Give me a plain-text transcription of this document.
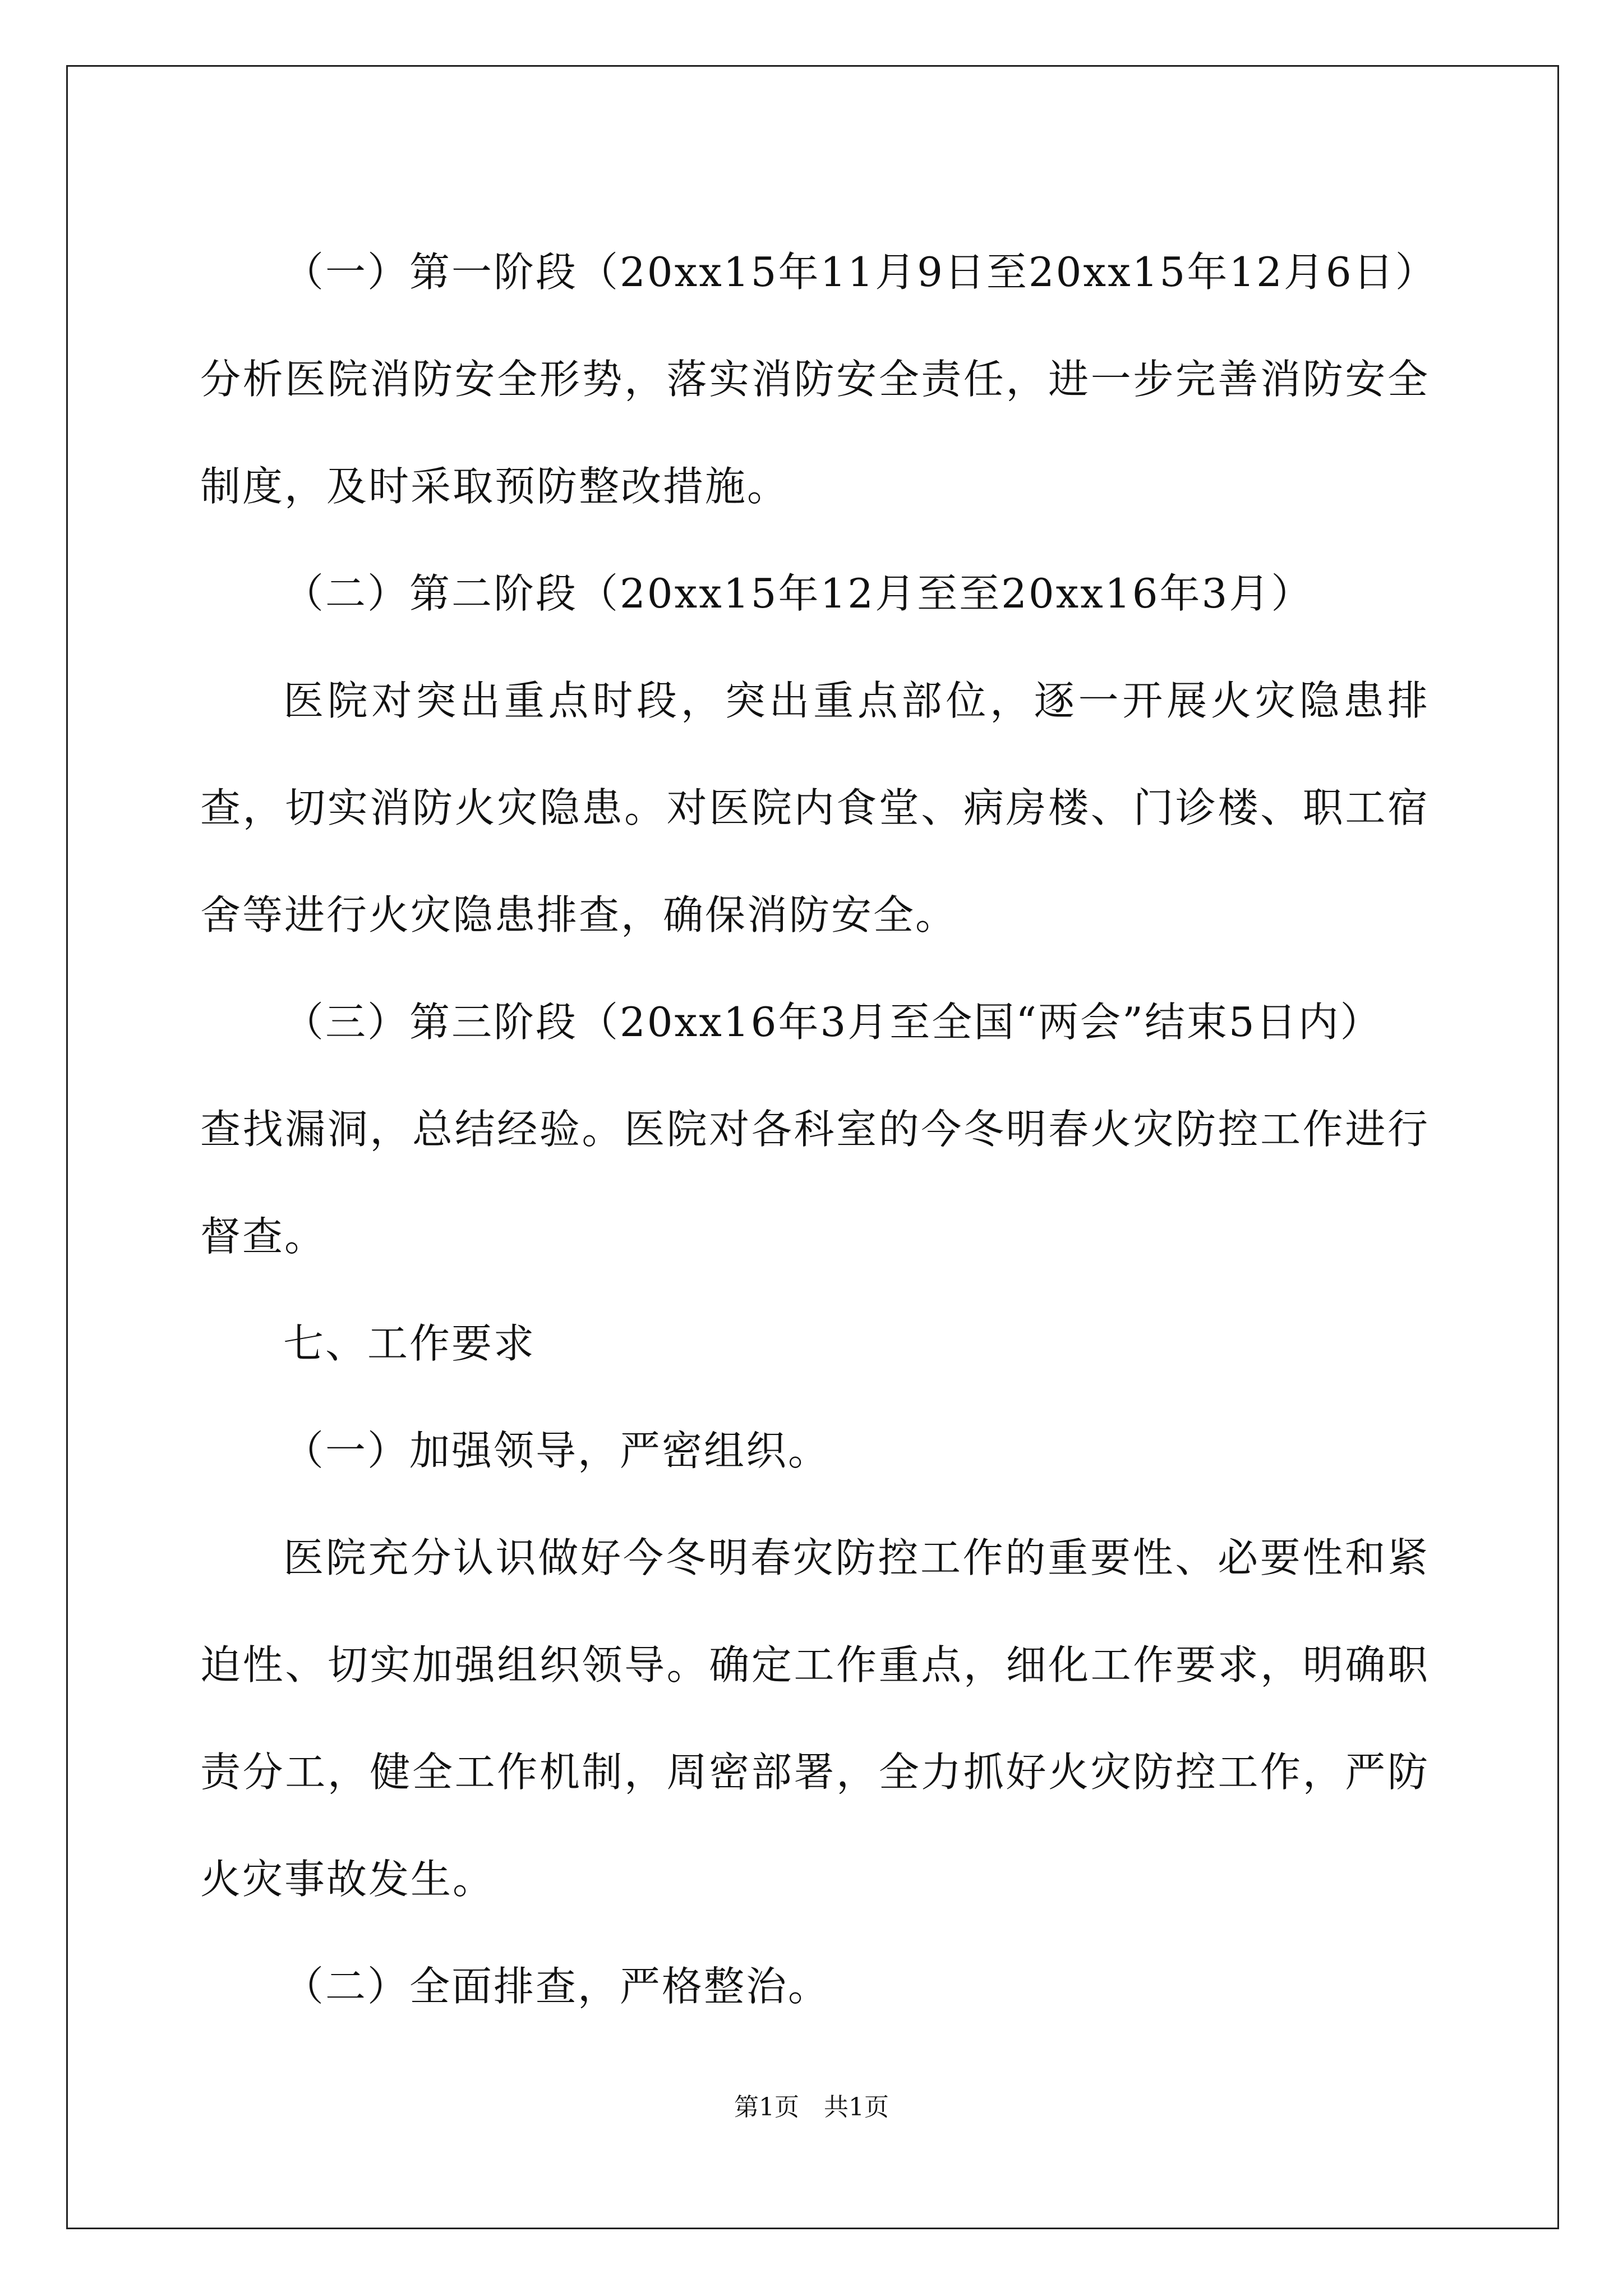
（一）第一阶段（20xx15年11月9日至20xx15年12月6日）

分析医院消防安全形势，落实消防安全责任，进一步完善消防安全制度，及时采取预防整改措施。

（二）第二阶段（20xx15年12月至至20xx16年3月）

医院对突出重点时段，突出重点部位，逐一开展火灾隐患排查，切实消防火灾隐患。对医院内食堂、病房楼、门诊楼、职工宿舍等进行火灾隐患排查，确保消防安全。

（三）第三阶段（20xx16年3月至全国“两会”结束5日内）

查找漏洞，总结经验。医院对各科室的今冬明春火灾防控工作进行督查。

七、工作要求

（一）加强领导，严密组织。

医院充分认识做好今冬明春灾防控工作的重要性、必要性和紧迫性、切实加强组织领导。确定工作重点，细化工作要求，明确职责分工，健全工作机制，周密部署，全力抓好火灾防控工作，严防火灾事故发生。

（二）全面排查，严格整治。

第1页　共1页
